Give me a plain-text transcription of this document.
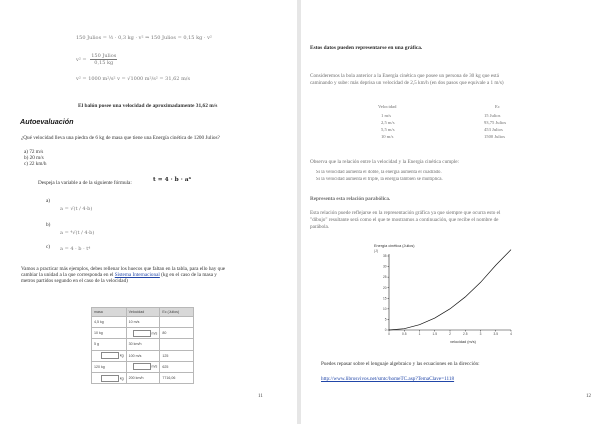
150 Julios = ½ · 0,3 kg · v² ⇒ 150 Julios = 0,15 kg · v²
v² =
150 Julios
0,15 kg
v² = 1000 m²/s² v = √1000 m²/s² = 31,62 m/s
El balón posee una velocidad de aproximadamente 31,62 m/s
Autoevaluación
¿Qué velocidad lleva una piedra de 6 kg de masa que tiene una Energía cinética de 1200 Julios?
a) 72 m/s
b) 20 m/s
c) 22 km/h
Despeja la variable a de la siguiente fórmula:	t = 4 · b · a⁴
a)
a = √(t / 4·b)
b)
a = ⁴√(t / 4·b)
c) a = 4 · b · t⁴
Vamos a practicar más ejemplos, debes rellenar los huecos que faltan en la tabla, para ello hay que
cambiar la unidad a la que corresponda en el Sistema Internacional (kg en el caso de la masa y
metros partidos segundo en el caso de la velocidad)
masa	Velocidad	Ec (Julios)
4,5 kg	10 m/s	
10 kg	m/s	80
5 g	30 km/h	
kg	100 m/s	125
120 kg	m/s	625
kg	200 km/h	7716,06
11
Estos datos pueden representarse en una gráfica.
Consideremos la bola anterior a la Energía cinética que posee un persona de 30 kg que está
caminando y sube: más deprisa un velocidad de 2,5 km/h (en dos pasos que equivale a 1 m/s)
Velocidad	Ec
1 m/s	15 Julios
2,5 m/s	93,75 Julios
5,5 m/s	453 Julios
10 m/s	1500 Julios
Observa que la relación entre la velocidad y la Energía cinética cumple:
Si la velocidad aumenta el doble, la energía aumenta el cuadrado.
Si la velocidad aumenta el triple, la energía también se multiplica.
Representa esta relación parabólica.
Esta relación puede reflejarse en la representación gráfica ya que siempre que ocurra esto el
"dibujo" resultante será como el que te mostramos a continuación, que recibe el nombre de
parábola.
Energía cinética (Julios)
(J)
0	0.5	1	1.5	2	2.5	3	3.5	4
0
5
10
15
20
25
30
35
velocidad (m/s)
Puedes repasar sobre el lenguaje algebraico y las ecuaciones en la dirección:
http://www.librosvivos.net/smtc/homeTC.asp?TemaClave=1118
12
